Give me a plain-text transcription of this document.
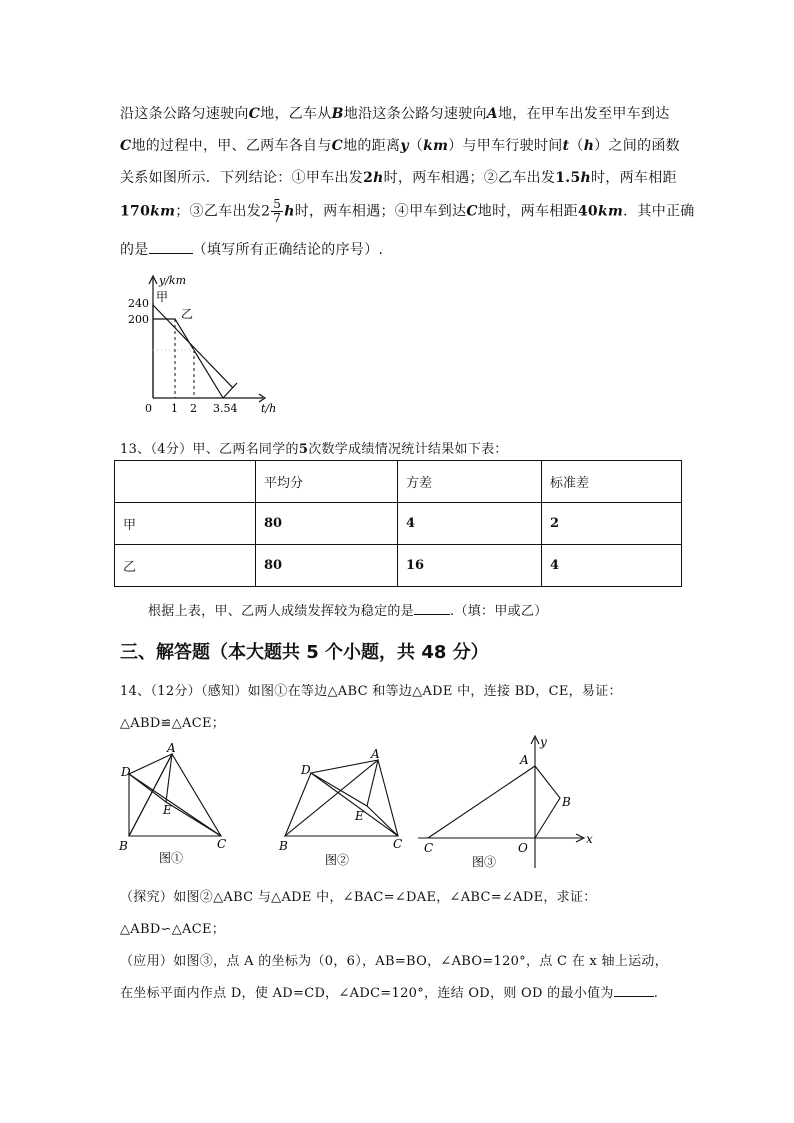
沿这条公路匀速驶向C地，乙车从B地沿这条公路匀速驶向A地，在甲车出发至甲车到达
C地的过程中，甲、乙两车各自与C地的距离y（km）与甲车行驶时间t（h）之间的函数
关系如图所示．下列结论：①甲车出发2h时，两车相遇；②乙车出发1.5h时，两车相距
170km；③乙车出发$2 \frac{5}{7}$ h时，两车相遇；④甲车到达C地时，两车相距40km．其中正确
的是	（填写所有正确结论的序号）.
y/km
t/h
240
200
甲
乙
0 1 2 3.54
13、（4分）甲、乙两名同学的5次数学成绩情况统计结果如下表：
	平均分	方差	标准差
甲	80	4	2
乙	80	16	4
根据上表，甲、乙两人成绩发挥较为稳定的是	.（填：甲或乙）
三、解答题（本大题共 5 个小题，共 48 分）
14、（12分）（感知）如图①在等边△ABC 和等边△ADE 中，连接 BD，CE，易证：
△ABD≌△ACE；
A
D
E
B	C
图①
A
D
E
B	C
图②
y
A
B
C	O
x
图③
（探究）如图②△ABC 与△ADE 中，∠BAC=∠DAE，∠ABC=∠ADE，求证：
△ABD∽△ACE；
（应用）如图③，点 A 的坐标为（0，6），AB=BO，∠ABO=120°，点 C 在 x 轴上运动，
在坐标平面内作点 D，使 AD=CD，∠ADC=120°，连结 OD，则 OD 的最小值为	.
